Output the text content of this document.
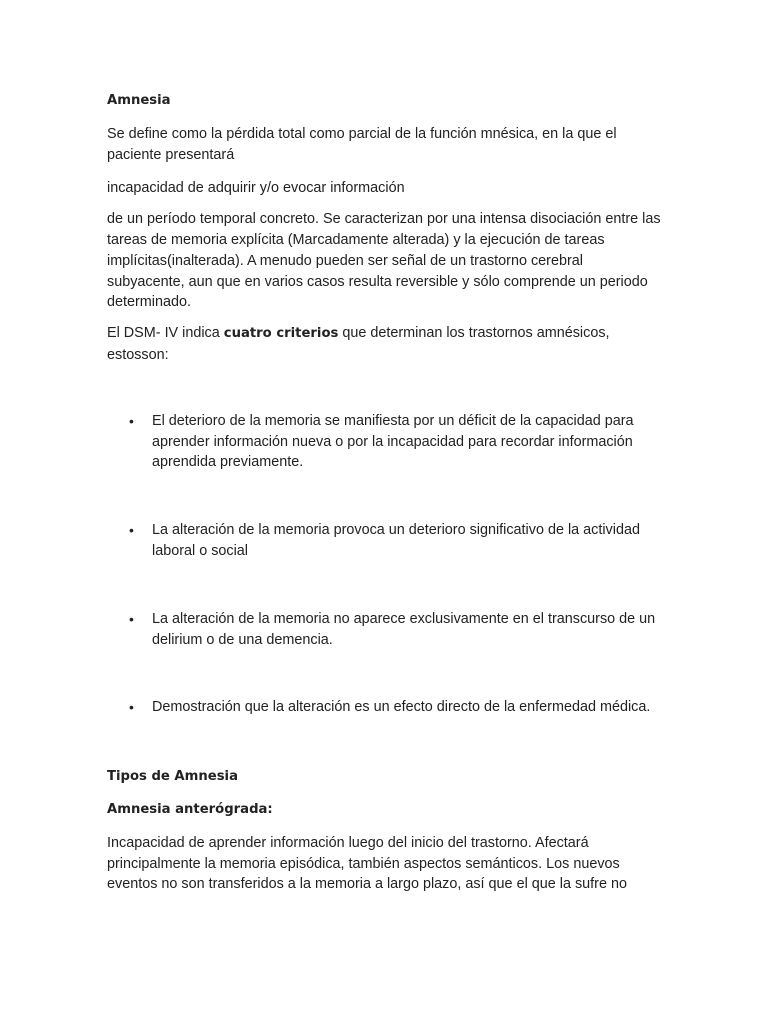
Amnesia

Se define como la pérdida total como parcial de la función mnésica, en la que el paciente presentará

incapacidad de adquirir y/o evocar información

de un período temporal concreto. Se caracterizan por una intensa disociación entre las tareas de memoria explícita (Marcadamente alterada) y la ejecución de tareas implícitas(inalterada). A menudo pueden ser señal de un trastorno cerebral subyacente, aun que en varios casos resulta reversible y sólo comprende un periodo determinado.

El DSM- IV indica cuatro criterios que determinan los trastornos amnésicos, estosson:

• El deterioro de la memoria se manifiesta por un déficit de la capacidad para aprender información nueva o por la incapacidad para recordar información aprendida previamente.
• La alteración de la memoria provoca un deterioro significativo de la actividad laboral o social
• La alteración de la memoria no aparece exclusivamente en el transcurso de un delirium o de una demencia.
• Demostración que la alteración es un efecto directo de la enfermedad médica.

Tipos de Amnesia

Amnesia anterógrada:

Incapacidad de aprender información luego del inicio del trastorno. Afectará principalmente la memoria episódica, también aspectos semánticos. Los nuevos eventos no son transferidos a la memoria a largo plazo, así que el que la sufre no
